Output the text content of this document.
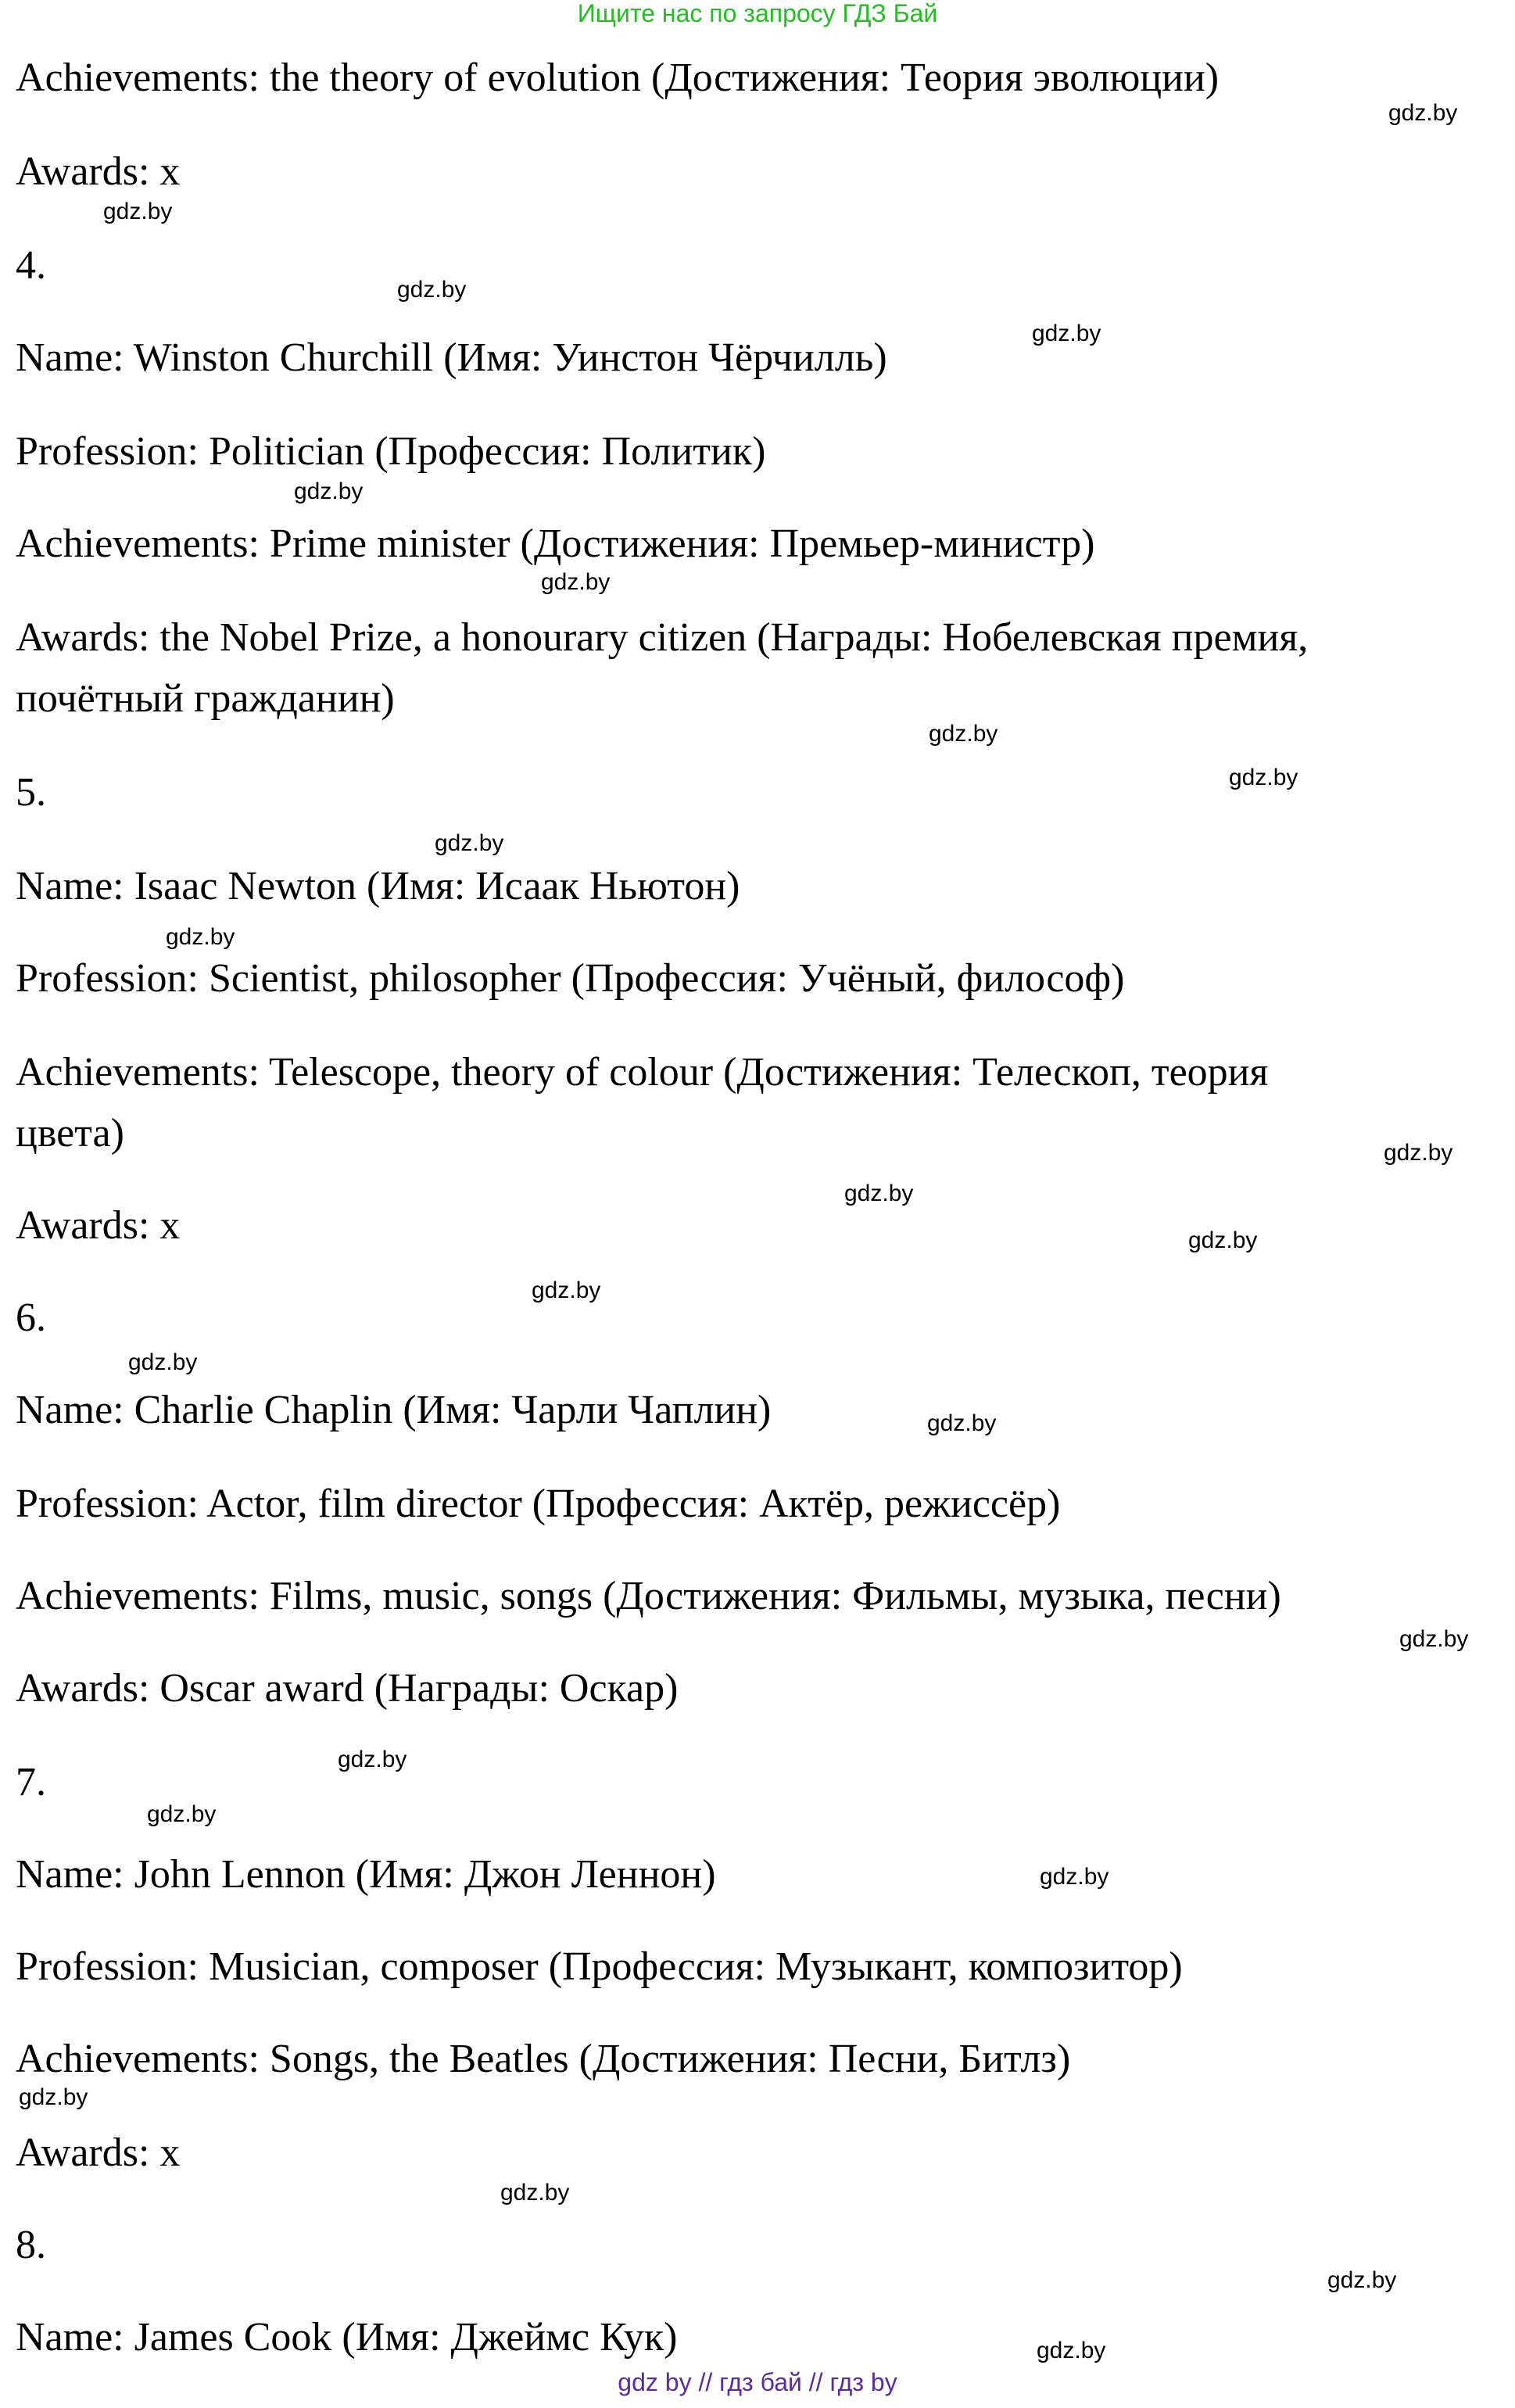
Ищите нас по запросу ГДЗ Бай
Achievements: the theory of evolution (Достижения: Теория эволюции)
Awards: x
4.
Name: Winston Churchill (Имя: Уинстон Чёрчилль)
Profession: Politician (Профессия: Политик)
Achievements: Prime minister (Достижения: Премьер-министр)
Awards: the Nobel Prize, a honourary citizen (Награды: Нобелевская премия,
почётный гражданин)
5.
Name: Isaac Newton (Имя: Исаак Ньютон)
Profession: Scientist, philosopher (Профессия: Учёный, философ)
Achievements: Telescope, theory of colour (Достижения: Телескоп, теория
цвета)
Awards: x
6.
Name: Charlie Chaplin (Имя: Чарли Чаплин)
Profession: Actor, film director (Профессия: Актёр, режиссёр)
Achievements: Films, music, songs (Достижения: Фильмы, музыка, песни)
Awards: Oscar award (Награды: Оскар)
7.
Name: John Lennon (Имя: Джон Леннон)
Profession: Musician, composer (Профессия: Музыкант, композитор)
Achievements: Songs, the Beatles (Достижения: Песни, Битлз)
Awards: x
8.
Name: James Cook (Имя: Джеймс Кук)
gdz.by
gdz.by
gdz.by
gdz.by
gdz.by
gdz.by
gdz.by
gdz.by
gdz.by
gdz.by
gdz.by
gdz.by
gdz.by
gdz.by
gdz.by
gdz.by
gdz.by
gdz.by
gdz.by
gdz.by
gdz.by
gdz.by
gdz.by
gdz.by
gdz by // гдз бай // гдз by
